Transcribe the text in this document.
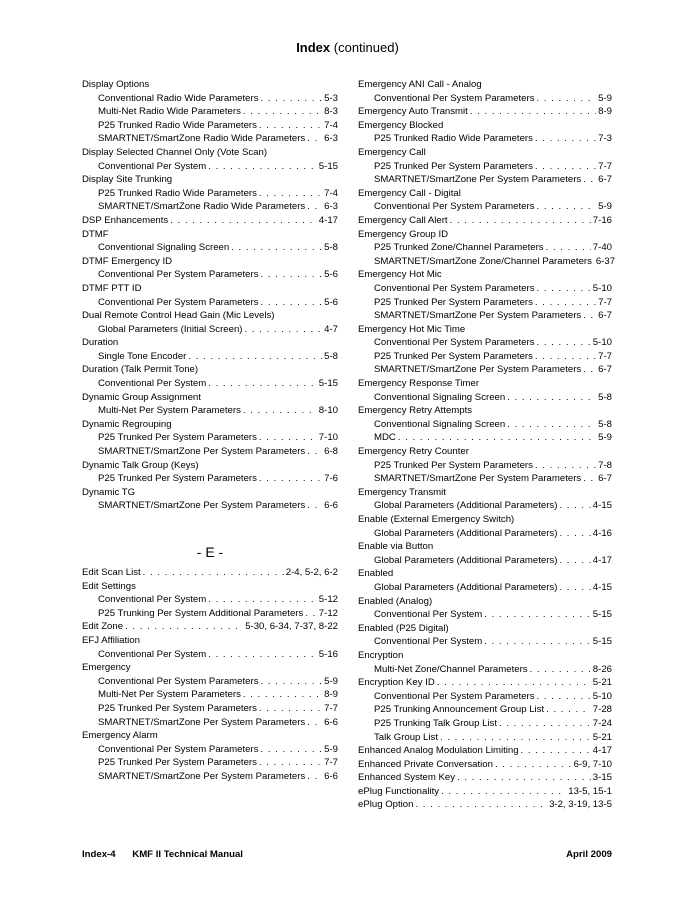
Index (continued)
Display Options
Conventional Radio Wide Parameters . . .	5-3
Multi-Net Radio Wide Parameters . . .	8-3
P25 Trunked Radio Wide Parameters . . .	7-4
SMARTNET/SmartZone Radio Wide Parameters . . . 6-3
Display Selected Channel Only (Vote Scan)
Conventional Per System . . .	5-15
Display Site Trunking
P25 Trunked Radio Wide Parameters . . .	7-4
SMARTNET/SmartZone Radio Wide Parameters . . . 6-3
DSP Enhancements . . .	4-17
DTMF
Conventional Signaling Screen . . .	5-8
DTMF Emergency ID
Conventional Per System Parameters . . .	5-6
DTMF PTT ID
Conventional Per System Parameters . . .	5-6
Dual Remote Control Head Gain (Mic Levels)
Global Parameters (Initial Screen) . . .	4-7
Duration
Single Tone Encoder . . .	5-8
Duration (Talk Permit Tone)
Conventional Per System . . .	5-15
Dynamic Group Assignment
Multi-Net Per System Parameters . . .	8-10
Dynamic Regrouping
P25 Trunked Per System Parameters . . .	7-10
SMARTNET/SmartZone Per System Parameters . . . 6-8
Dynamic Talk Group (Keys)
P25 Trunked Per System Parameters . . .	7-6
Dynamic TG
SMARTNET/SmartZone Per System Parameters . . . 6-6
- E -
Edit Scan List . . .	2-4, 5-2, 6-2
Edit Settings
Conventional Per System . . .	5-12
P25 Trunking Per System Additional Parameters . . . 7-12
Edit Zone . . .	5-30, 6-34, 7-37, 8-22
EFJ Affiliation
Conventional Per System . . .	5-16
Emergency
Conventional Per System Parameters . . .	5-9
Multi-Net Per System Parameters . . .	8-9
P25 Trunked Per System Parameters . . .	7-7
SMARTNET/SmartZone Per System Parameters . . . 6-6
Emergency Alarm
Conventional Per System Parameters . . .	5-9
P25 Trunked Per System Parameters . . .	7-7
SMARTNET/SmartZone Per System Parameters . . . 6-6
Emergency ANI Call - Analog
Conventional Per System Parameters . . .	5-9
Emergency Auto Transmit . . .	8-9
Emergency Blocked
P25 Trunked Radio Wide Parameters . . .	7-3
Emergency Call
P25 Trunked Per System Parameters . . .	7-7
SMARTNET/SmartZone Per System Parameters . . . 6-7
Emergency Call - Digital
Conventional Per System Parameters . . .	5-9
Emergency Call Alert . . .	7-16
Emergency Group ID
P25 Trunked Zone/Channel Parameters . . .	7-40
SMARTNET/SmartZone Zone/Channel Parameters 6-37
Emergency Hot Mic
Conventional Per System Parameters . . .	5-10
P25 Trunked Per System Parameters . . .	7-7
SMARTNET/SmartZone Per System Parameters . . . 6-7
Emergency Hot Mic Time
Conventional Per System Parameters . . .	5-10
P25 Trunked Per System Parameters . . .	7-7
SMARTNET/SmartZone Per System Parameters . . . 6-7
Emergency Response Timer
Conventional Signaling Screen . . .	5-8
Emergency Retry Attempts
Conventional Signaling Screen . . .	5-8
MDC . . .	5-9
Emergency Retry Counter
P25 Trunked Per System Parameters . . .	7-8
SMARTNET/SmartZone Per System Parameters . . . 6-7
Emergency Transmit
Global Parameters (Additional Parameters) . . .	4-15
Enable (External Emergency Switch)
Global Parameters (Additional Parameters) . . .	4-16
Enable via Button
Global Parameters (Additional Parameters) . . .	4-17
Enabled
Global Parameters (Additional Parameters) . . .	4-15
Enabled (Analog)
Conventional Per System . . .	5-15
Enabled (P25 Digital)
Conventional Per System . . .	5-15
Encryption
Multi-Net Zone/Channel Parameters . . .	8-26
Encryption Key ID . . .	5-21
Conventional Per System Parameters . . .	5-10
P25 Trunking Announcement Group List . . .	7-28
P25 Trunking Talk Group List . . .	7-24
Talk Group List . . .	5-21
Enhanced Analog Modulation Limiting . . .	4-17
Enhanced Private Conversation . . .	6-9, 7-10
Enhanced System Key . . .	3-15
ePlug Functionality . . .	13-5, 15-1
ePlug Option . . .	3-2, 3-19, 13-5
Index-4 KMF II Technical Manual	April 2009
